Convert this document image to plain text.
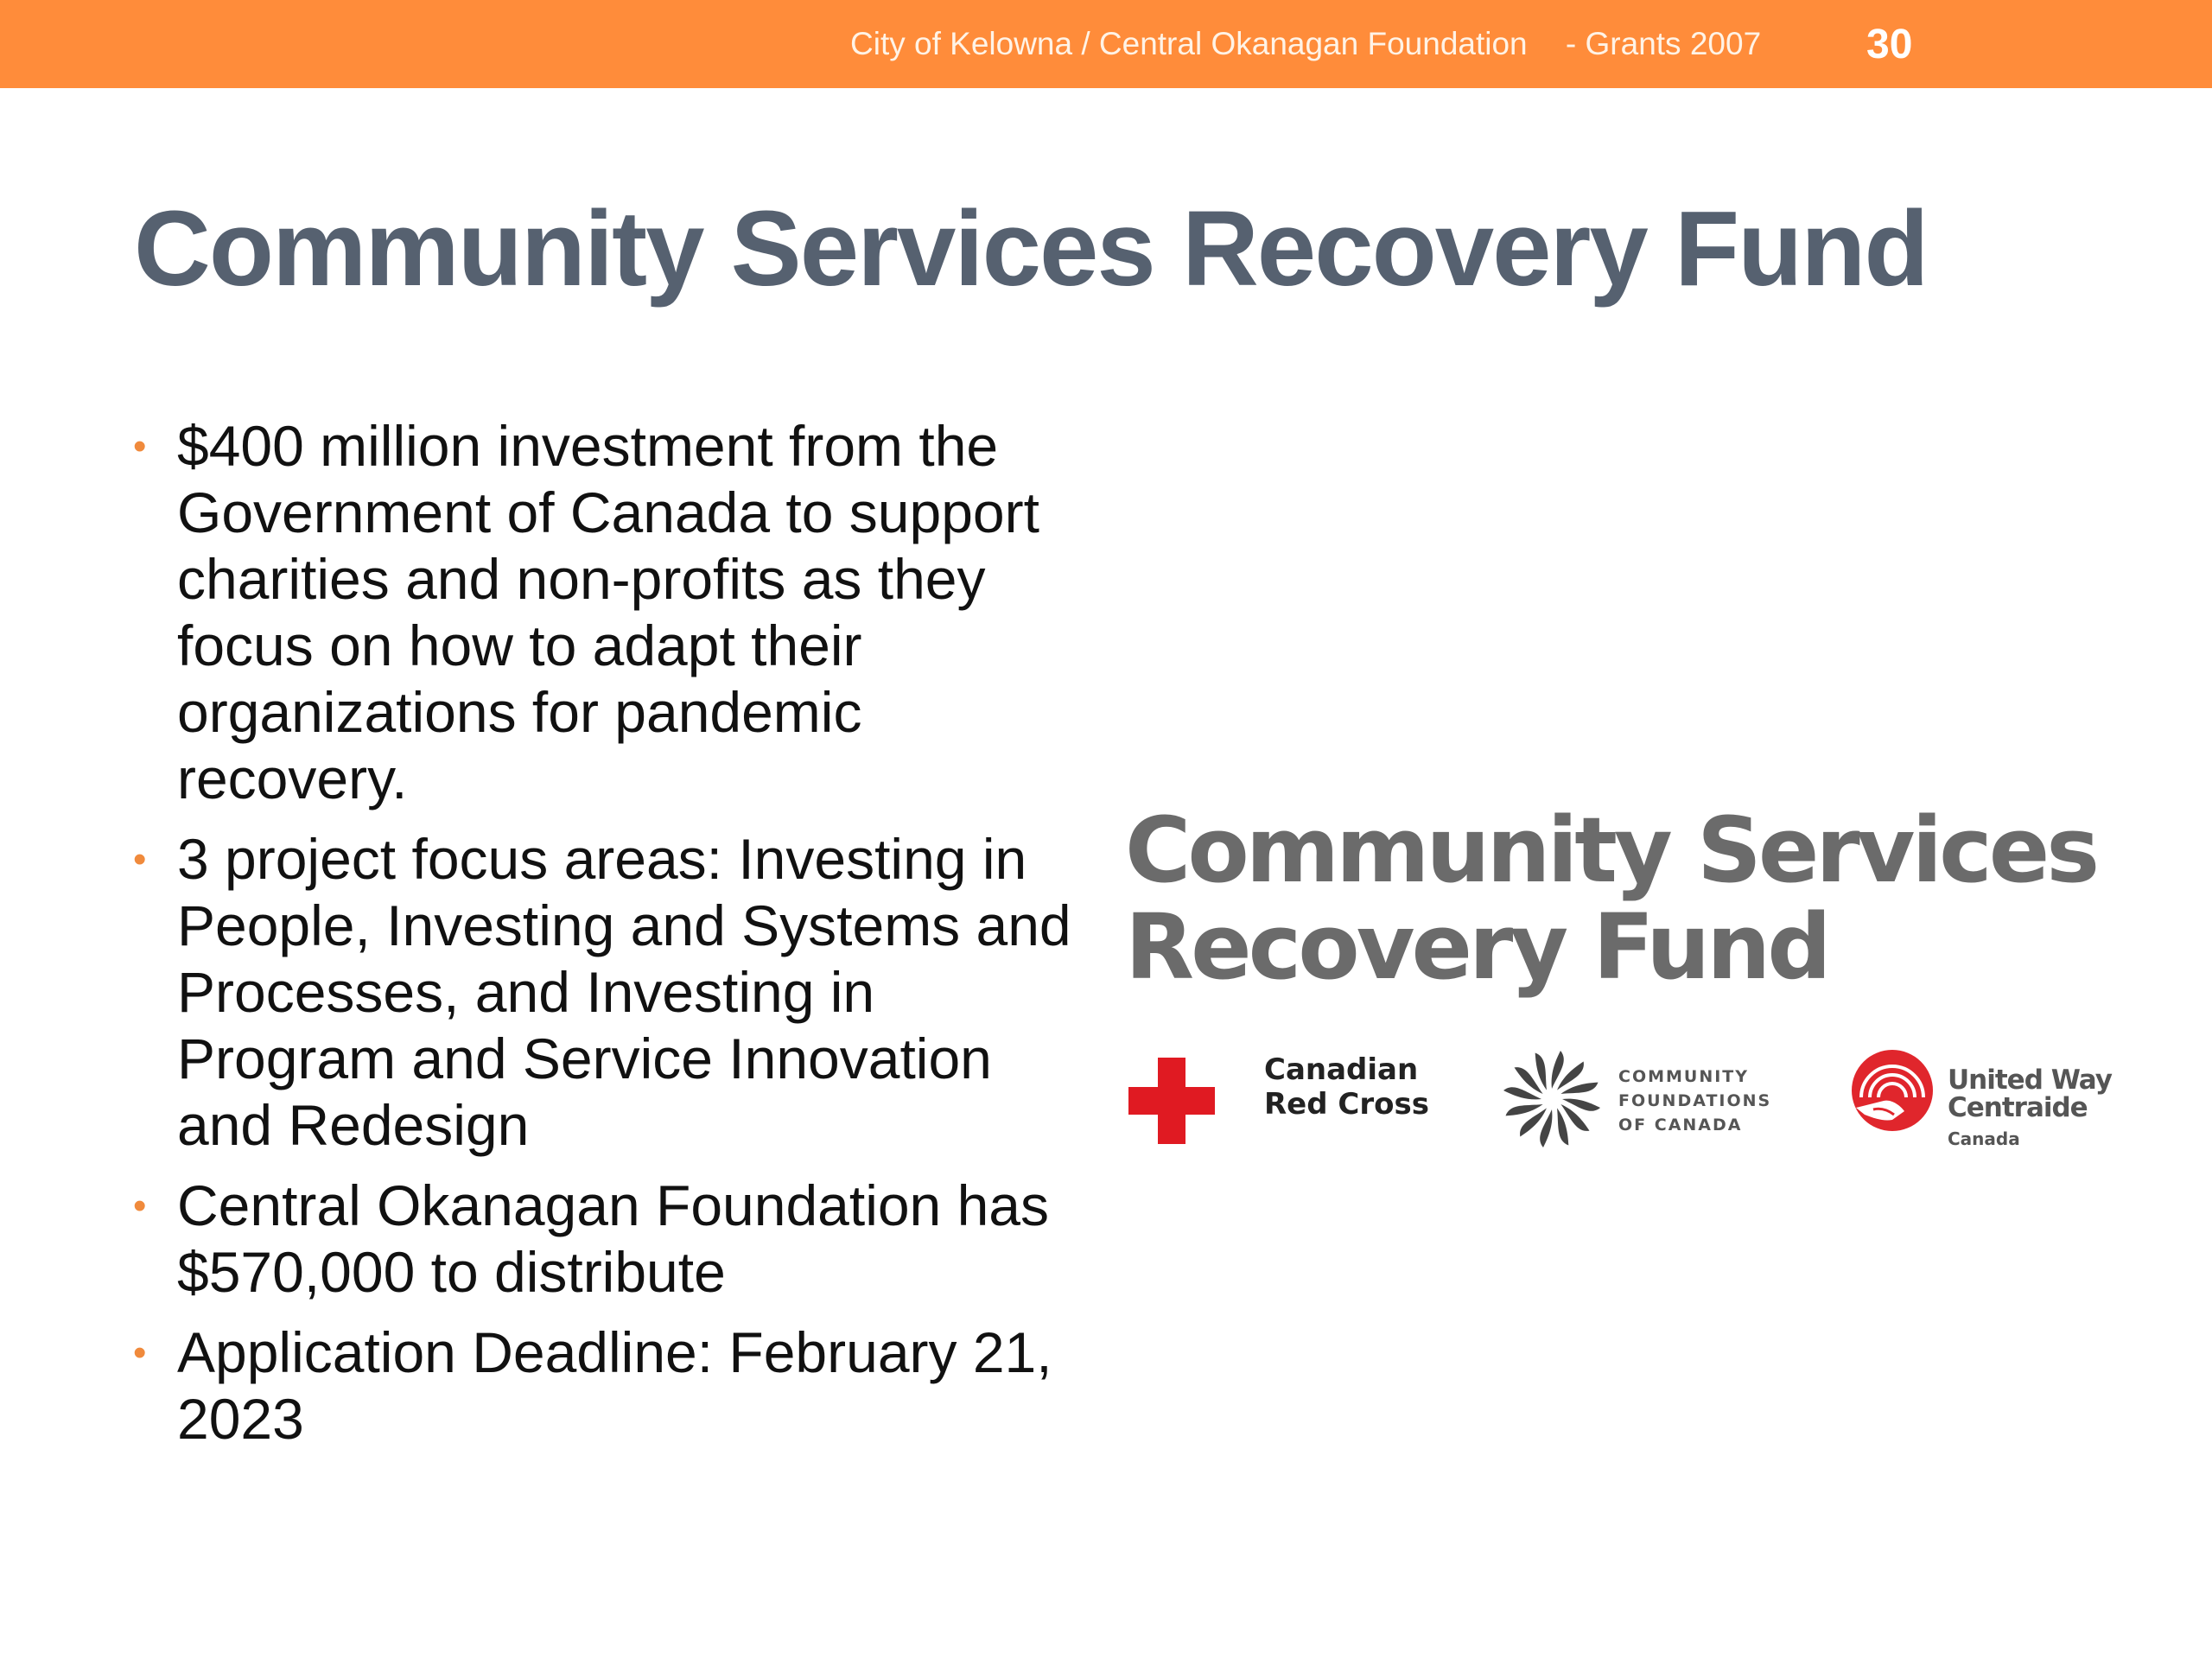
City of Kelowna / Central Okanagan Foundation - Grants 2007	30
Community Services Recovery Fund
• $400 million investment from the Government of Canada to support charities and non-profits as they focus on how to adapt their organizations for pandemic recovery.
• 3 project focus areas: Investing in People, Investing and Systems and Processes, and Investing in Program and Service Innovation and Redesign
• Central Okanagan Foundation has $570,000 to distribute
• Application Deadline: February 21, 2023
Community Services
Recovery Fund
Canadian
Red Cross
COMMUNITY
FOUNDATIONS
OF CANADA
United Way
Centraide
Canada
